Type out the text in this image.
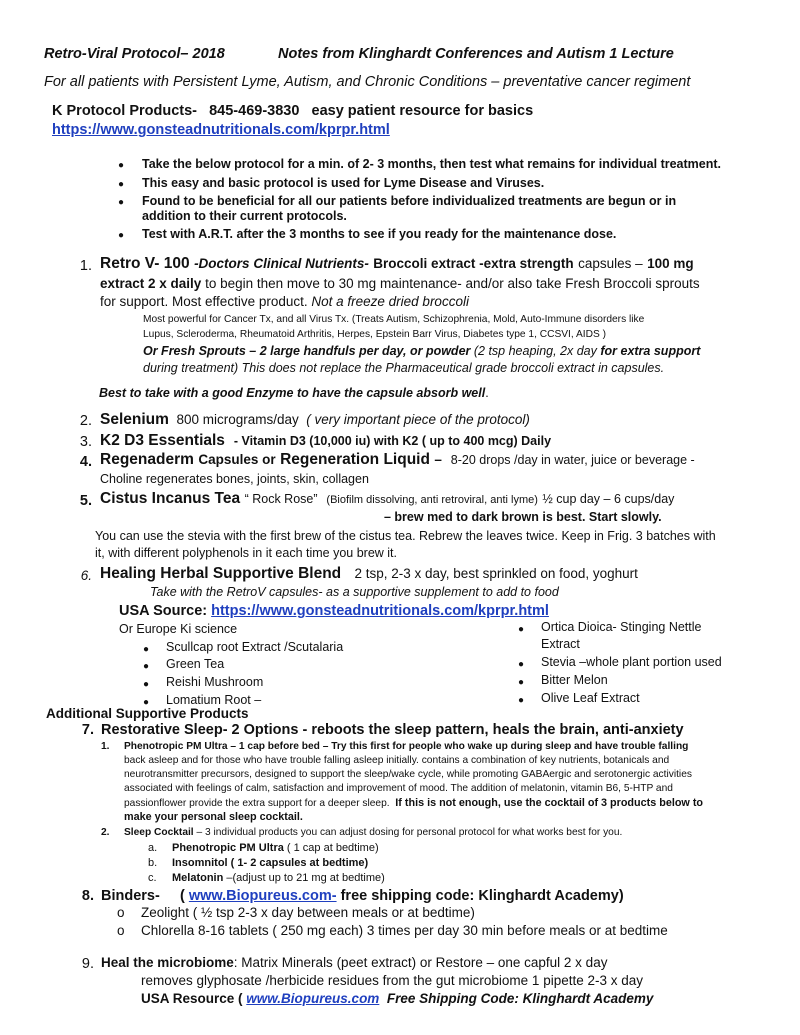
Retro-Viral Protocol– 2018	Notes from Klinghardt Conferences and Autism 1 Lecture
For all patients with Persistent Lyme, Autism, and Chronic Conditions – preventative cancer regiment
K Protocol Products- 845-469-3830 easy patient resource for basics
https://www.gonsteadnutritionals.com/kprpr.html
● Take the below protocol for a min. of 2- 3 months, then test what remains for individual treatment.
● This easy and basic protocol is used for Lyme Disease and Viruses.
● Found to be beneficial for all our patients before individualized treatments are begun or in
addition to their current protocols.
● Test with A.R.T. after the 3 months to see if you ready for the maintenance dose.
1. Retro V- 100 -Doctors Clinical Nutrients- Broccoli extract -extra strength capsules – 100 mg
extract 2 x daily to begin then move to 30 mg maintenance- and/or also take Fresh Broccoli sprouts
for support. Most effective product. Not a freeze dried broccoli
Most powerful for Cancer Tx, and all Virus Tx. (Treats Autism, Schizophrenia, Mold, Auto-Immune disorders like
Lupus, Scleroderma, Rheumatoid Arthritis, Herpes, Epstein Barr Virus, Diabetes type 1, CCSVI, AIDS )
Or Fresh Sprouts – 2 large handfuls per day, or powder (2 tsp heaping, 2x day for extra support
during treatment) This does not replace the Pharmaceutical grade broccoli extract in capsules.
Best to take with a good Enzyme to have the capsule absorb well.
2. Selenium 800 micrograms/day ( very important piece of the protocol)
3. K2 D3 Essentials - Vitamin D3 (10,000 iu) with K2 ( up to 400 mcg) Daily
4. Regenaderm Capsules or Regeneration Liquid – 8-20 drops /day in water, juice or beverage -
Choline regenerates bones, joints, skin, collagen
5. Cistus Incanus Tea “ Rock Rose” (Biofilm dissolving, anti retroviral, anti lyme) ½ cup day – 6 cups/day
– brew med to dark brown is best. Start slowly.
You can use the stevia with the first brew of the cistus tea. Rebrew the leaves twice. Keep in Frig. 3 batches with
it, with different polyphenols in it each time you brew it.
6. Healing Herbal Supportive Blend 2 tsp, 2-3 x day, best sprinkled on food, yoghurt
Take with the RetroV capsules- as a supportive supplement to add to food
USA Source: https://www.gonsteadnutritionals.com/kprpr.html
Or Europe Ki science
● Scullcap root Extract /Scutalaria
● Green Tea
● Reishi Mushroom
● Lomatium Root –
● Ortica Dioica- Stinging Nettle
Extract
● Stevia –whole plant portion used
● Bitter Melon
● Olive Leaf Extract
Additional Supportive Products
7. Restorative Sleep- 2 Options - reboots the sleep pattern, heals the brain, anti-anxiety
1. Phenotropic PM Ultra – 1 cap before bed – Try this first for people who wake up during sleep and have trouble falling
back asleep and for those who have trouble falling asleep initially. contains a combination of key nutrients, botanicals and
neurotransmitter precursors, designed to support the sleep/wake cycle, while promoting GABAergic and serotonergic activities
associated with feelings of calm, satisfaction and improvement of mood. The addition of melatonin, vitamin B6, 5-HTP and
passionflower provide the extra support for a deeper sleep. If this is not enough, use the cocktail of 3 products below to
make your personal sleep cocktail.
2. Sleep Cocktail – 3 individual products you can adjust dosing for personal protocol for what works best for you.
a. Phenotropic PM Ultra ( 1 cap at bedtime)
b. Insomnitol ( 1- 2 capsules at bedtime)
c. Melatonin –(adjust up to 21 mg at bedtime)
8. Binders- ( www.Biopureus.com- free shipping code: Klinghardt Academy)
o Zeolight ( ½ tsp 2-3 x day between meals or at bedtime)
o Chlorella 8-16 tablets ( 250 mg each) 3 times per day 30 min before meals or at bedtime
9. Heal the microbiome: Matrix Minerals (peet extract) or Restore – one capful 2 x day
removes glyphosate /herbicide residues from the gut microbiome 1 pipette 2-3 x day
USA Resource ( www.Biopureus.com Free Shipping Code: Klinghardt Academy
